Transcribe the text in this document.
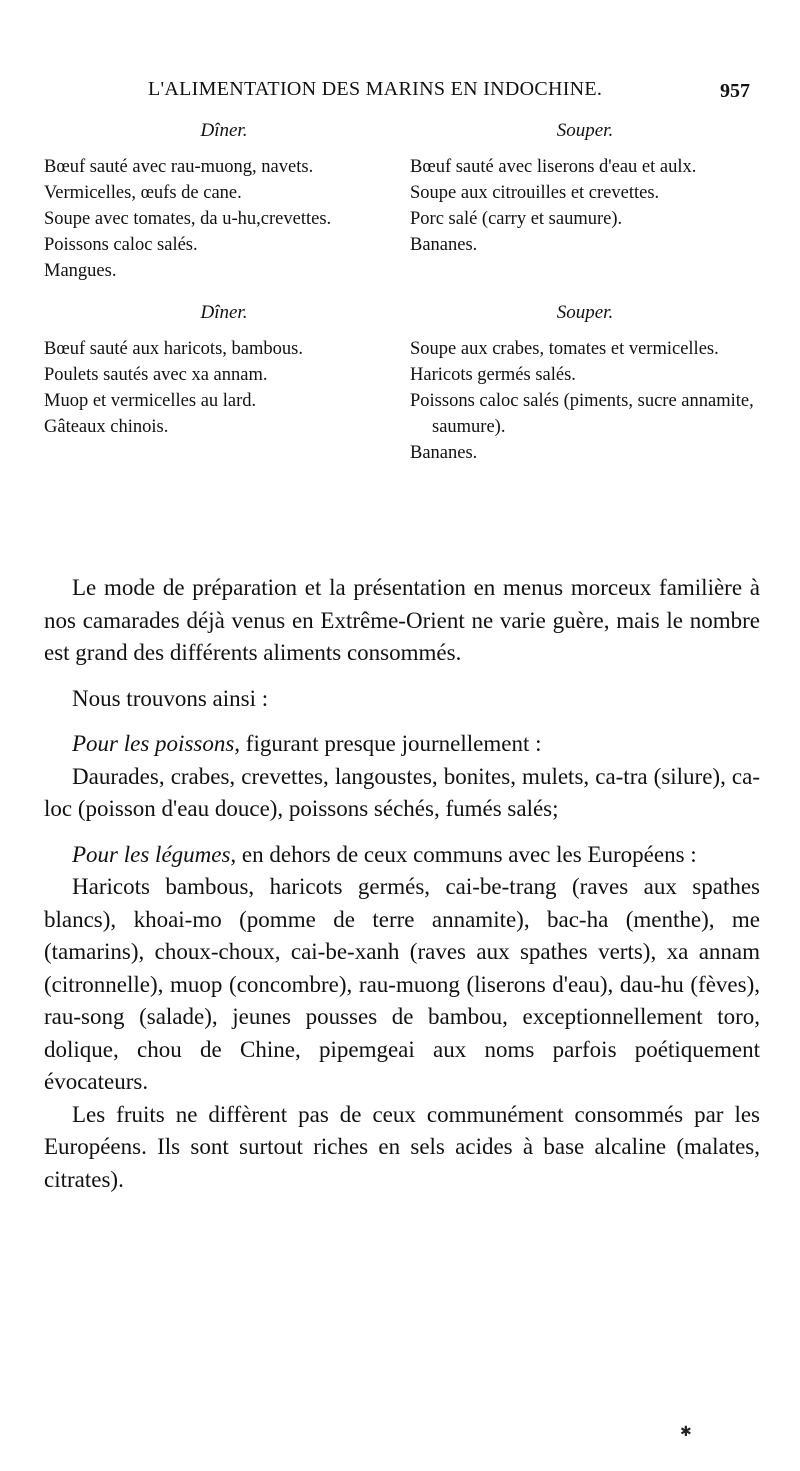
L'ALIMENTATION DES MARINS EN INDOCHINE.	957
Dîner.
Bœuf sauté avec rau-muong, navets.
Vermicelles, œufs de cane.
Soupe avec tomates, da u-hu,crevettes.
Poissons caloc salés.
Mangues.
Souper.
Bœuf sauté avec liserons d'eau et aulx.
Soupe aux citrouilles et crevettes.
Porc salé (carry et saumure).
Bananes.
Dîner.
Bœuf sauté aux haricots, bambous.
Poulets sautés avec xa annam.
Muop et vermicelles au lard.
Gâteaux chinois.
Souper.
Soupe aux crabes, tomates et vermicelles.
Haricots germés salés.
Poissons caloc salés (piments, sucre annamite, saumure).
Bananes.

Le mode de préparation et la présentation en menus morceux familière à nos camarades déjà venus en Extrême-Orient ne varie guère, mais le nombre est grand des différents aliments consommés.

Nous trouvons ainsi :

Pour les poissons, figurant presque journellement :

Daurades, crabes, crevettes, langoustes, bonites, mulets, ca-tra (silure), ca-loc (poisson d'eau douce), poissons séchés, fumés salés;

Pour les légumes, en dehors de ceux communs avec les Européens :

Haricots bambous, haricots germés, cai-be-trang (raves aux spathes blancs), khoai-mo (pomme de terre annamite), bac-ha (menthe), me (tamarins), choux-choux, cai-be-xanh (raves aux spathes verts), xa annam (citronnelle), muop (concombre), rau-muong (liserons d'eau), dau-hu (fèves), rau-song (salade), jeunes pousses de bambou, exceptionnellement toro, dolique, chou de Chine, pipemgeai aux noms parfois poétiquement évocateurs.

Les fruits ne diffèrent pas de ceux communément consommés par les Européens. Ils sont surtout riches en sels acides à base alcaline (malates, citrates).

✱
